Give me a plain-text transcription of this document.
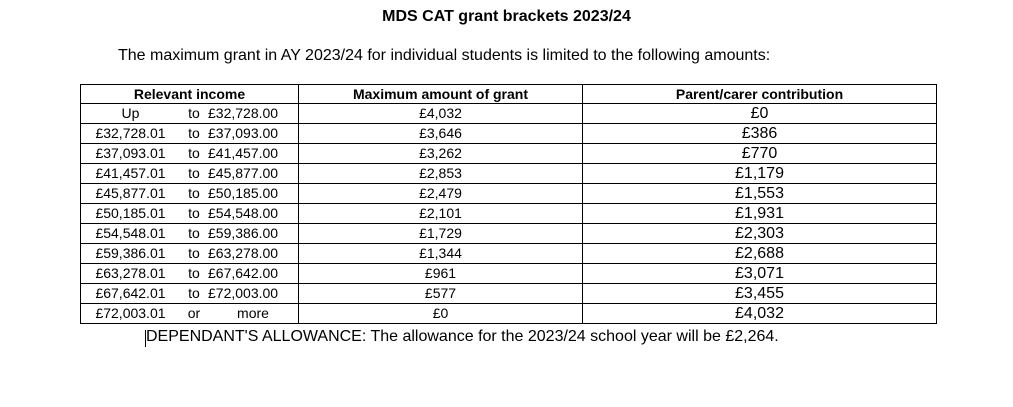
MDS CAT grant brackets 2023/24
The maximum grant in AY 2023/24 for individual students is limited to the following amounts:
Relevant income	Maximum amount of grant	Parent/carer contribution

Up to £32,728.00	£4,032	£0

£32,728.01 to £37,093.00	£3,646	£386

£37,093.01 to £41,457.00	£3,262	£770

£41,457.01 to £45,877.00	£2,853	£1,179

£45,877.01 to £50,185.00	£2,479	£1,553

£50,185.01 to £54,548.00	£2,101	£1,931

£54,548.01 to £59,386.00	£1,729	£2,303

£59,386.01 to £63,278.00	£1,344	£2,688

£63,278.01 to £67,642.00	£961	£3,071

£67,642.01 to £72,003.00	£577	£3,455

£72,003.01 or more	£0	£4,032
DEPENDANT'S ALLOWANCE: The allowance for the 2023/24 school year will be £2,264.
